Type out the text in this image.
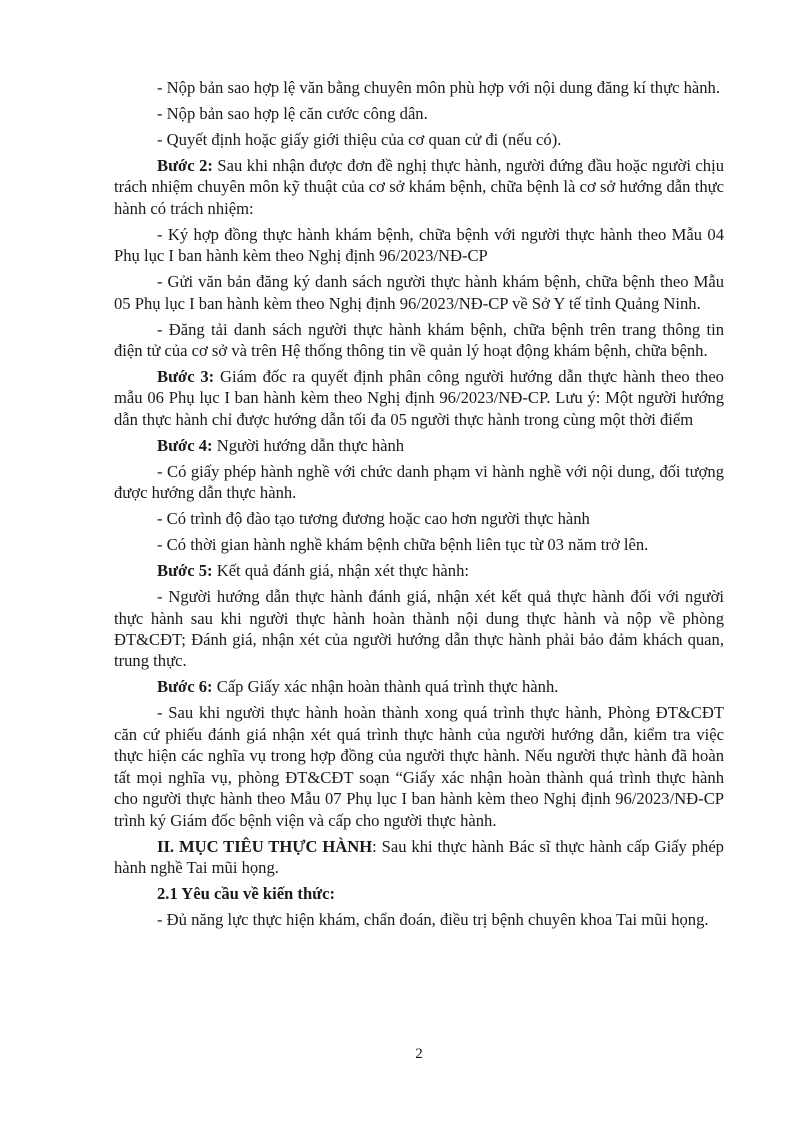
- Nộp bản sao hợp lệ văn bằng chuyên môn phù hợp với nội dung đăng kí thực hành.

- Nộp bản sao hợp lệ căn cước công dân.

- Quyết định hoặc giấy giới thiệu của cơ quan cử đi (nếu có).

Bước 2: Sau khi nhận được đơn đề nghị thực hành, người đứng đầu hoặc người chịu trách nhiệm chuyên môn kỹ thuật của cơ sở khám bệnh, chữa bệnh là cơ sở hướng dẫn thực hành có trách nhiệm:

- Ký hợp đồng thực hành khám bệnh, chữa bệnh với người thực hành theo Mẫu 04 Phụ lục I ban hành kèm theo Nghị định 96/2023/NĐ-CP

- Gửi văn bản đăng ký danh sách người thực hành khám bệnh, chữa bệnh theo Mẫu 05 Phụ lục I ban hành kèm theo Nghị định 96/2023/NĐ-CP về Sở Y tế tỉnh Quảng Ninh.

- Đăng tải danh sách người thực hành khám bệnh, chữa bệnh trên trang thông tin điện tử của cơ sở và trên Hệ thống thông tin về quản lý hoạt động khám bệnh, chữa bệnh.

Bước 3: Giám đốc ra quyết định phân công người hướng dẫn thực hành theo theo mẫu 06 Phụ lục I ban hành kèm theo Nghị định 96/2023/NĐ-CP. Lưu ý: Một người hướng dẫn thực hành chỉ được hướng dẫn tối đa 05 người thực hành trong cùng một thời điểm

Bước 4: Người hướng dẫn thực hành

- Có giấy phép hành nghề với chức danh phạm vi hành nghề với nội dung, đối tượng được hướng dẫn thực hành.

- Có trình độ đào tạo tương đương hoặc cao hơn người thực hành

- Có thời gian hành nghề khám bệnh chữa bệnh liên tục từ 03 năm trở lên.

Bước 5: Kết quả đánh giá, nhận xét thực hành:

- Người hướng dẫn thực hành đánh giá, nhận xét kết quả thực hành đối với người thực hành sau khi người thực hành hoàn thành nội dung thực hành và nộp về phòng ĐT&CĐT; Đánh giá, nhận xét của người hướng dẫn thực hành phải bảo đảm khách quan, trung thực.

Bước 6: Cấp Giấy xác nhận hoàn thành quá trình thực hành.

- Sau khi người thực hành hoàn thành xong quá trình thực hành, Phòng ĐT&CĐT căn cứ phiếu đánh giá nhận xét quá trình thực hành của người hướng dẫn, kiểm tra việc thực hiện các nghĩa vụ trong hợp đồng của người thực hành. Nếu người thực hành đã hoàn tất mọi nghĩa vụ, phòng ĐT&CĐT soạn “Giấy xác nhận hoàn thành quá trình thực hành cho người thực hành theo Mẫu 07 Phụ lục I ban hành kèm theo Nghị định 96/2023/NĐ-CP trình ký Giám đốc bệnh viện và cấp cho người thực hành.

II. MỤC TIÊU THỰC HÀNH: Sau khi thực hành Bác sĩ thực hành cấp Giấy phép hành nghề Tai mũi họng.

2.1 Yêu cầu về kiến thức:

- Đủ năng lực thực hiện khám, chẩn đoán, điều trị bệnh chuyên khoa Tai mũi họng.

2
